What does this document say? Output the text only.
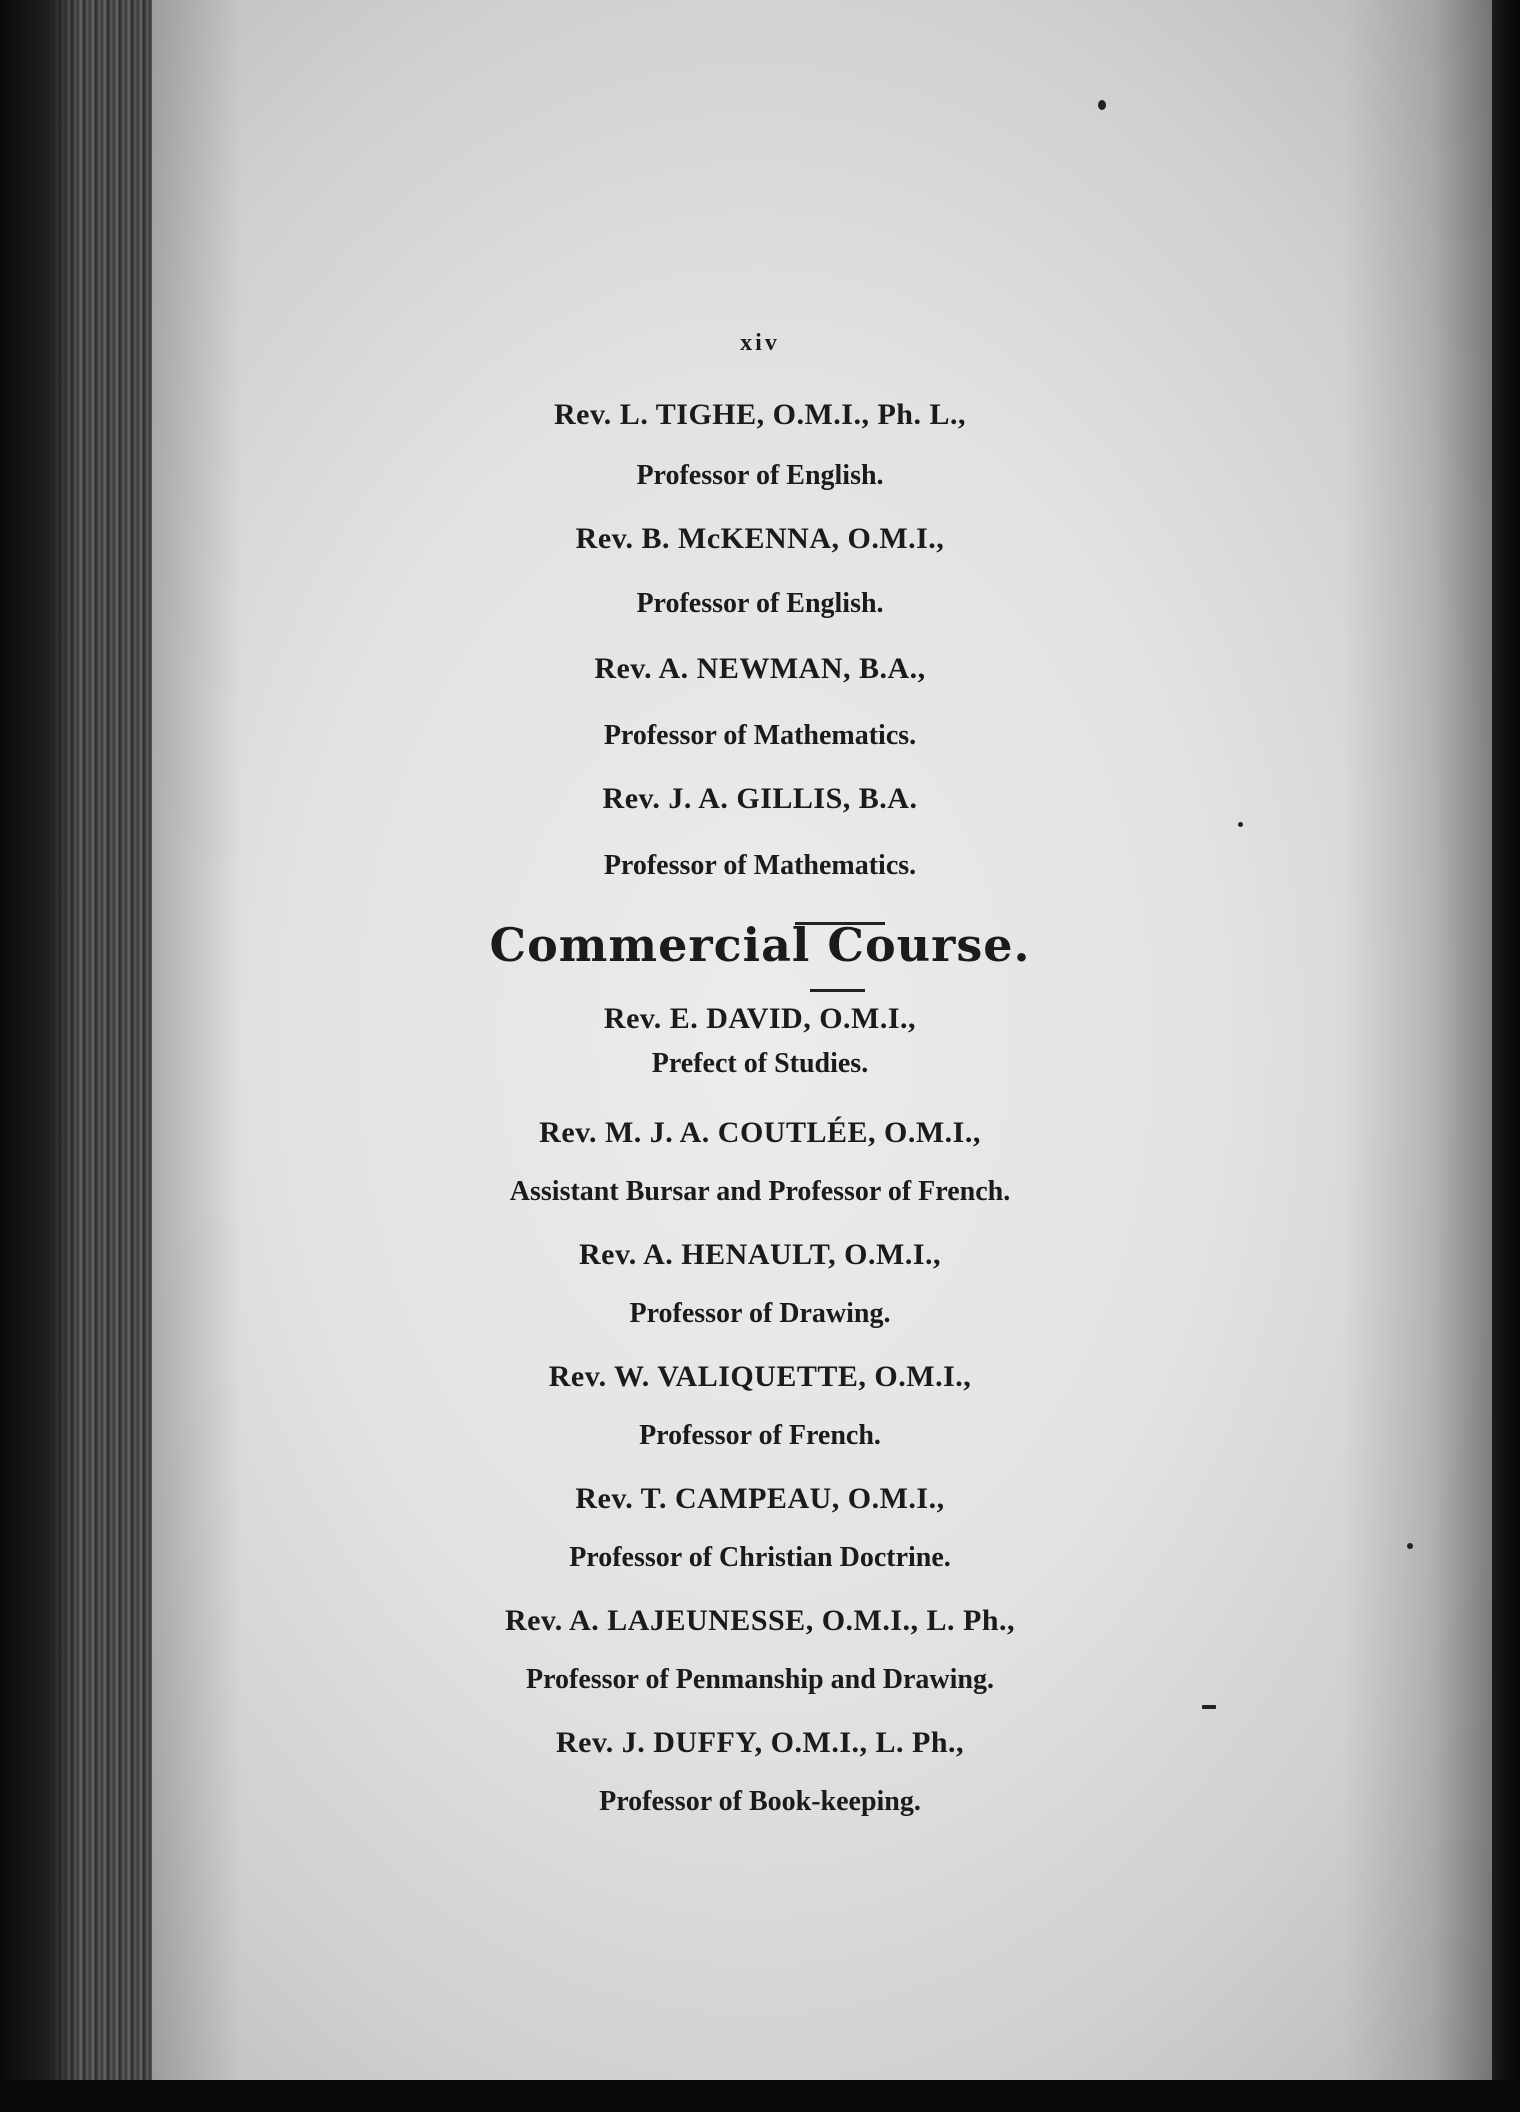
xiv
Rev. L. TIGHE, O.M.I., Ph. L.,
Professor of English.
Rev. B. McKENNA, O.M.I.,
Professor of English.
Rev. A. NEWMAN, B.A.,
Professor of Mathematics.
Rev. J. A. GILLIS, B.A.
Professor of Mathematics.
Commercial Course.
Rev. E. DAVID, O.M.I.,
Prefect of Studies.
Rev. M. J. A. COUTLÉE, O.M.I.,
Assistant Bursar and Professor of French.
Rev. A. HENAULT, O.M.I.,
Professor of Drawing.
Rev. W. VALIQUETTE, O.M.I.,
Professor of French.
Rev. T. CAMPEAU, O.M.I.,
Professor of Christian Doctrine.
Rev. A. LAJEUNESSE, O.M.I., L. Ph.,
Professor of Penmanship and Drawing.
Rev. J. DUFFY, O.M.I., L. Ph.,
Professor of Book-keeping.
